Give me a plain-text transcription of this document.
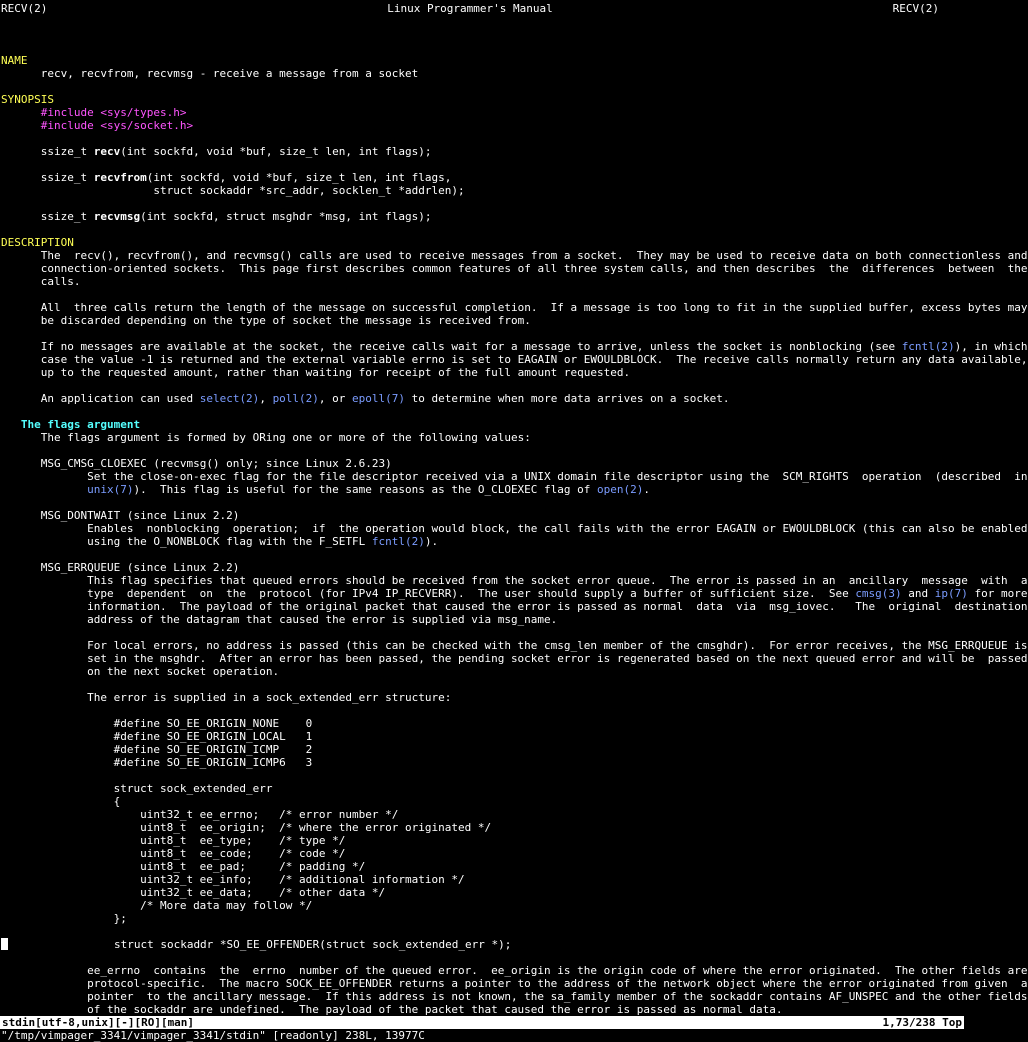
RECV(2)	Linux Programmer's Manual	RECV(2)
NAME
recv, recvfrom, recvmsg - receive a message from a socket
SYNOPSIS
#include <sys/types.h>
#include <sys/socket.h>
ssize_t recv(int sockfd, void *buf, size_t len, int flags);
ssize_t recvfrom(int sockfd, void *buf, size_t len, int flags,
struct sockaddr *src_addr, socklen_t *addrlen);
ssize_t recvmsg(int sockfd, struct msghdr *msg, int flags);
DESCRIPTION
The  recv(), recvfrom(), and recvmsg() calls are used to receive messages from a socket.  They may be used to receive data on both connectionless and
connection-oriented sockets.  This page first describes common features of all three system calls, and then describes  the  differences  between  the
calls.
All  three calls return the length of the message on successful completion.  If a message is too long to fit in the supplied buffer, excess bytes may
be discarded depending on the type of socket the message is received from.
If no messages are available at the socket, the receive calls wait for a message to arrive, unless the socket is nonblocking (see fcntl(2)), in which
case the value -1 is returned and the external variable errno is set to EAGAIN or EWOULDBLOCK.  The receive calls normally return any data available,
up to the requested amount, rather than waiting for receipt of the full amount requested.
An application can used select(2), poll(2), or epoll(7) to determine when more data arrives on a socket.
The flags argument
The flags argument is formed by ORing one or more of the following values:
MSG_CMSG_CLOEXEC (recvmsg() only; since Linux 2.6.23)
Set the close-on-exec flag for the file descriptor received via a UNIX domain file descriptor using the  SCM_RIGHTS  operation  (described  in
unix(7)).  This flag is useful for the same reasons as the O_CLOEXEC flag of open(2).
MSG_DONTWAIT (since Linux 2.2)
Enables  nonblocking  operation;  if  the operation would block, the call fails with the error EAGAIN or EWOULDBLOCK (this can also be enabled
using the O_NONBLOCK flag with the F_SETFL fcntl(2)).
MSG_ERRQUEUE (since Linux 2.2)
This flag specifies that queued errors should be received from the socket error queue.  The error is passed in an  ancillary  message  with  a
type  dependent  on  the  protocol (for IPv4 IP_RECVERR).  The user should supply a buffer of sufficient size.  See cmsg(3) and ip(7) for more
information.  The payload of the original packet that caused the error is passed as normal  data  via  msg_iovec.   The  original  destination
address of the datagram that caused the error is supplied via msg_name.
For local errors, no address is passed (this can be checked with the cmsg_len member of the cmsghdr).  For error receives, the MSG_ERRQUEUE is
set in the msghdr.  After an error has been passed, the pending socket error is regenerated based on the next queued error and will be  passed
on the next socket operation.
The error is supplied in a sock_extended_err structure:
#define SO_EE_ORIGIN_NONE    0
#define SO_EE_ORIGIN_LOCAL   1
#define SO_EE_ORIGIN_ICMP    2
#define SO_EE_ORIGIN_ICMP6   3
struct sock_extended_err
{
uint32_t ee_errno;   /* error number */
uint8_t  ee_origin;  /* where the error originated */
uint8_t  ee_type;    /* type */
uint8_t  ee_code;    /* code */
uint8_t  ee_pad;     /* padding */
uint32_t ee_info;    /* additional information */
uint32_t ee_data;    /* other data */
/* More data may follow */
};
struct sockaddr *SO_EE_OFFENDER(struct sock_extended_err *);
ee_errno  contains  the  errno  number of the queued error.  ee_origin is the origin code of where the error originated.  The other fields are
protocol-specific.  The macro SOCK_EE_OFFENDER returns a pointer to the address of the network object where the error originated from given  a
pointer  to the ancillary message.  If this address is not known, the sa_family member of the sockaddr contains AF_UNSPEC and the other fields
of the sockaddr are undefined.  The payload of the packet that caused the error is passed as normal data.
stdin[utf-8,unix][-][RO][man]	1,73/238 Top
"/tmp/vimpager_3341/vimpager_3341/stdin" [readonly] 238L, 13977C
